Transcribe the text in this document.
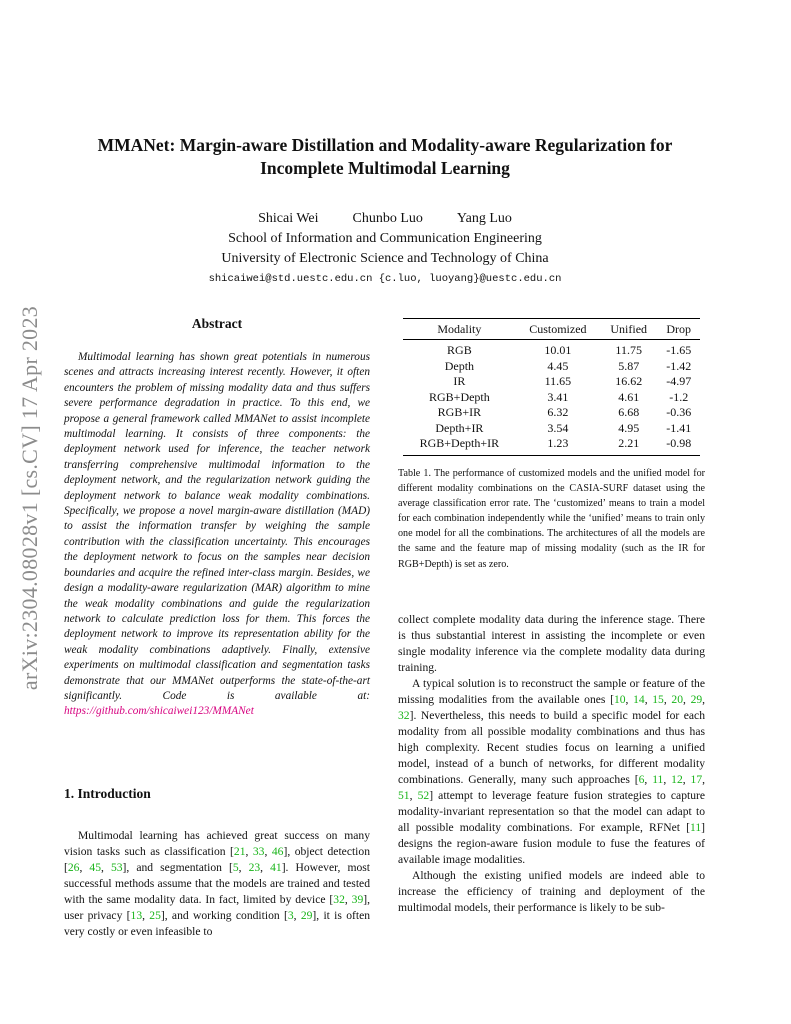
arXiv:2304.08028v1 [cs.CV] 17 Apr 2023
MMANet: Margin-aware Distillation and Modality-aware Regularization for
Incomplete Multimodal Learning
Shicai Wei Chunbo Luo Yang Luo
School of Information and Communication Engineering
University of Electronic Science and Technology of China
shicaiwei@std.uestc.edu.cn {c.luo, luoyang}@uestc.edu.cn
Abstract
Multimodal learning has shown great potentials in numerous scenes and attracts increasing interest recently. However, it often encounters the problem of missing modality data and thus suffers severe performance degradation in practice. To this end, we propose a general framework called MMANet to assist incomplete multimodal learning. It consists of three components: the deployment network used for inference, the teacher network transferring comprehensive multimodal information to the deployment network, and the regularization network guiding the deployment network to balance weak modality combinations. Specifically, we propose a novel margin-aware distillation (MAD) to assist the information transfer by weighing the sample contribution with the classification uncertainty. This encourages the deployment network to focus on the samples near decision boundaries and acquire the refined inter-class margin. Besides, we design a modality-aware regularization (MAR) algorithm to mine the weak modality combinations and guide the regularization network to calculate prediction loss for them. This forces the deployment network to improve its representation ability for the weak modality combinations adaptively. Finally, extensive experiments on multimodal classification and segmentation tasks demonstrate that our MMANet outperforms the state-of-the-art significantly. Code is available at: https://github.com/shicaiwei123/MMANet
1. Introduction

Multimodal learning has achieved great success on many vision tasks such as classification [21, 33, 46], object detection [26, 45, 53], and segmentation [5, 23, 41]. However, most successful methods assume that the models are trained and tested with the same modality data. In fact, limited by device [32, 39], user privacy [13, 25], and working condition [3, 29], it is often very costly or even infeasible to

Modality	Customized	Unified	Drop
RGB	10.01	11.75	-1.65
Depth	4.45	5.87	-1.42
IR	11.65	16.62	-4.97
RGB+Depth	3.41	4.61	-1.2
RGB+IR	6.32	6.68	-0.36
Depth+IR	3.54	4.95	-1.41
RGB+Depth+IR	1.23	2.21	-0.98
Table 1. The performance of customized models and the unified model for different modality combinations on the CASIA-SURF dataset using the average classification error rate. The ‘customized’ means to train a model for each combination independently while the ‘unified’ means to train only one model for all the combinations. The architectures of all the models are the same and the feature map of missing modality (such as the IR for RGB+Depth) is set as zero.

collect complete modality data during the inference stage. There is thus substantial interest in assisting the incomplete or even single modality inference via the complete modality data during training.

A typical solution is to reconstruct the sample or feature of the missing modalities from the available ones [10, 14, 15, 20, 29, 32]. Nevertheless, this needs to build a specific model for each modality from all possible modality combinations and thus has high complexity. Recent studies focus on learning a unified model, instead of a bunch of networks, for different modality combinations. Generally, many such approaches [6, 11, 12, 17, 51, 52] attempt to leverage feature fusion strategies to capture modality-invariant representation so that the model can adapt to all possible modality combinations. For example, RFNet [11] designs the region-aware fusion module to fuse the features of available image modalities.

Although the existing unified models are indeed able to increase the efficiency of training and deployment of the multimodal models, their performance is likely to be sub-
